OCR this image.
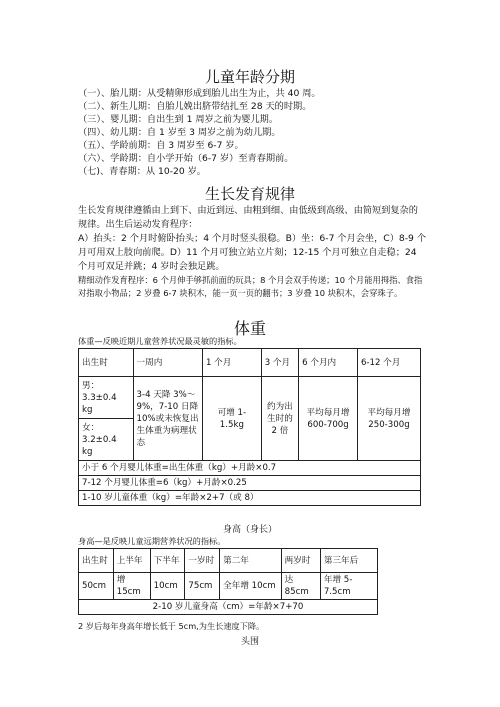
儿童年龄分期
（一）、胎儿期：从受精卵形成到胎儿出生为止，共 40 周。
（二）、新生儿期：自胎儿娩出脐带结扎至 28 天的时期。
（三）、婴儿期：自出生到 1 周岁之前为婴儿期。
（四）、幼儿期：自 1 岁至 3 周岁之前为幼儿期。
（五）、学龄前期：自 3 周岁至 6-7 岁。
（六）、学龄期：自小学开始（6-7 岁）至青春期前。
（七)、青春期：从 10-20 岁。
生长发育规律
生长发育规律遵循由上到下、由近到远、由粗到细、由低级到高级、由简短到复杂的规律。出生后运动发育程序：
A）抬头：2 个月时俯卧抬头；4 个月时竖头很稳。B）坐：6-7 个月会坐，C）8-9 个月可用双上肢向前爬。D）11 个月可独立站立片刻；12-15 个月可独立自走稳；24 个月可双足并跳；4 岁时会独足跳。
精细动作发育程序：6 个月伸手够抓前面的玩具；8 个月会双手传递；10 个月能用拇指、食指对指取小物品；2 岁叠 6-7 块积木，能一页一页的翻书；3 岁叠 10 块积木，会穿珠子。
体重
体重—反映近期儿童营养状况最灵敏的指标。
出生时	一周内	1 个月	3 个月	6 个月内	6-12 个月
男：3.3±0.4 kg	3-4 天降 3%～9%，7-10 日降 10%或未恢复出生体重为病理状态	可增 1-1.5kg	约为出生时的 2 倍	平均每月增 600-700g	平均每月增 250-300g
女：3.2±0.4 kg					
小于 6 个月婴儿体重=出生体重（kg）+月龄×0.7					
7-12 个月婴儿体重=6（kg）+月龄×0.25					
1-10 岁儿童体重（kg）=年龄×2+7（或 8）					
身高（身长）
身高—是反映儿童远期营养状况的指标。
出生时	上半年	下半年	一岁时	第二年	两岁时	第三年后
50cm	增 15cm	10cm	75cm	全年增 10cm	达 85cm	年增 5-7.5cm
2-10 岁儿童身高（cm）=年龄×7+70						
2 岁后每年身高年增长低于 5cm,为生长速度下降。
头围
